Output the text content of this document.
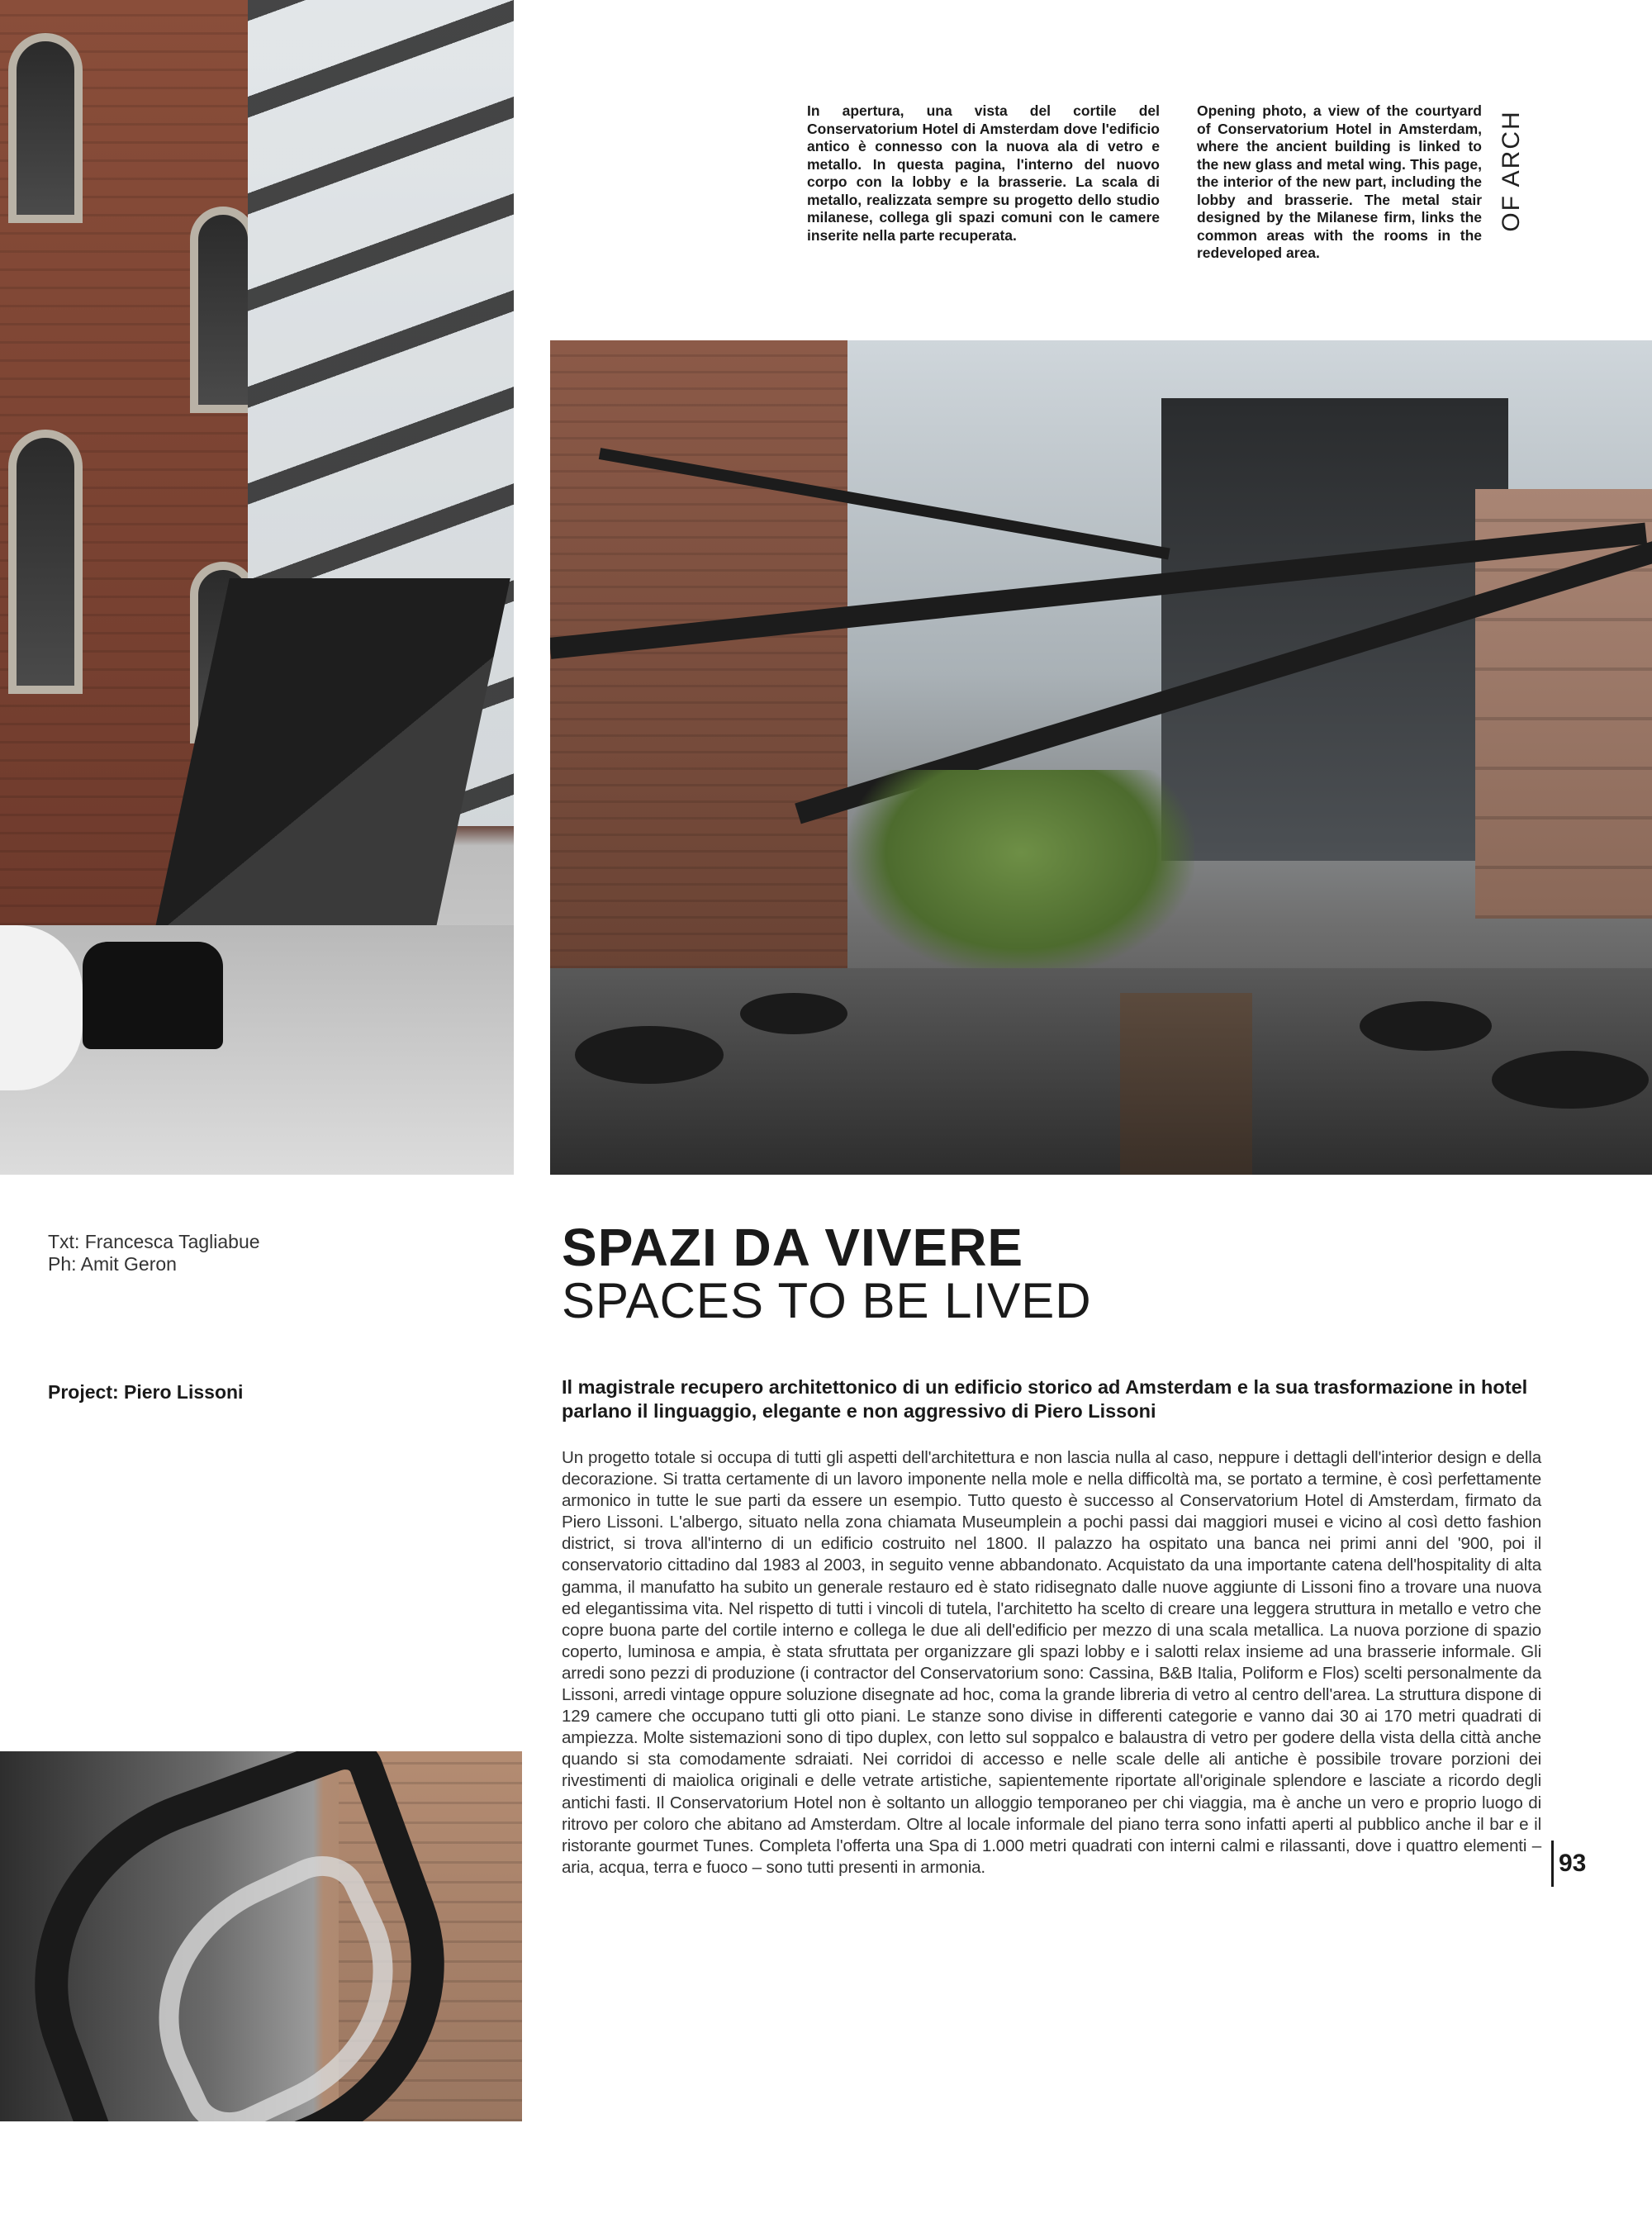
In apertura, una vista del cortile del Conservatorium Hotel di Amsterdam dove l'edificio antico è connesso con la nuova ala di vetro e metallo. In questa pagina, l'interno del nuovo corpo con la lobby e la brasserie. La scala di metallo, realizzata sempre su progetto dello studio milanese, collega gli spazi comuni con le camere inserite nella parte recuperata.

Opening photo, a view of the courtyard of Conservatorium Hotel in Amsterdam, where the ancient building is linked to the new glass and metal wing. This page, the interior of the new part, including the lobby and brasserie. The metal stair designed by the Milanese firm, links the common areas with the rooms in the redeveloped area.

OF ARCH

Txt: Francesca Tagliabue

Ph: Amit Geron

Project: Piero Lissoni
SPAZI DA VIVERE
SPACES TO BE LIVED

Il magistrale recupero architettonico di un edificio storico ad Amsterdam e la sua trasformazione in hotel parlano il linguaggio, elegante e non aggressivo di Piero Lissoni

Un progetto totale si occupa di tutti gli aspetti dell'architettura e non lascia nulla al caso, neppure i dettagli dell'interior design e della decorazione. Si tratta certamente di un lavoro imponente nella mole e nella difficoltà ma, se portato a termine, è così perfettamente armonico in tutte le sue parti da essere un esempio. Tutto questo è successo al Conservatorium Hotel di Amsterdam, firmato da Piero Lissoni. L'albergo, situato nella zona chiamata Museumplein a pochi passi dai maggiori musei e vicino al così detto fashion district, si trova all'interno di un edificio costruito nel 1800. Il palazzo ha ospitato una banca nei primi anni del '900, poi il conservatorio cittadino dal 1983 al 2003, in seguito venne abbandonato. Acquistato da una importante catena dell'hospitality di alta gamma, il manufatto ha subito un generale restauro ed è stato ridisegnato dalle nuove aggiunte di Lissoni fino a trovare una nuova ed elegantissima vita. Nel rispetto di tutti i vincoli di tutela, l'architetto ha scelto di creare una leggera struttura in metallo e vetro che copre buona parte del cortile interno e collega le due ali dell'edificio per mezzo di una scala metallica. La nuova porzione di spazio coperto, luminosa e ampia, è stata sfruttata per organizzare gli spazi lobby e i salotti relax insieme ad una brasserie informale. Gli arredi sono pezzi di produzione (i contractor del Conservatorium sono: Cassina, B&B Italia, Poliform e Flos) scelti personalmente da Lissoni, arredi vintage oppure soluzione disegnate ad hoc, coma la grande libreria di vetro al centro dell'area. La struttura dispone di 129 camere che occupano tutti gli otto piani. Le stanze sono divise in differenti categorie e vanno dai 30 ai 170 metri quadrati di ampiezza. Molte sistemazioni sono di tipo duplex, con letto sul soppalco e balaustra di vetro per godere della vista della città anche quando si sta comodamente sdraiati. Nei corridoi di accesso e nelle scale delle ali antiche è possibile trovare porzioni dei rivestimenti di maiolica originali e delle vetrate artistiche, sapientemente riportate all'originale splendore e lasciate a ricordo degli antichi fasti. Il Conservatorium Hotel non è soltanto un alloggio temporaneo per chi viaggia, ma è anche un vero e proprio luogo di ritrovo per coloro che abitano ad Amsterdam. Oltre al locale informale del piano terra sono infatti aperti al pubblico anche il bar e il ristorante gourmet Tunes. Completa l'offerta una Spa di 1.000 metri quadrati con interni calmi e rilassanti, dove i quattro elementi – aria, acqua, terra e fuoco – sono tutti presenti in armonia.	93
